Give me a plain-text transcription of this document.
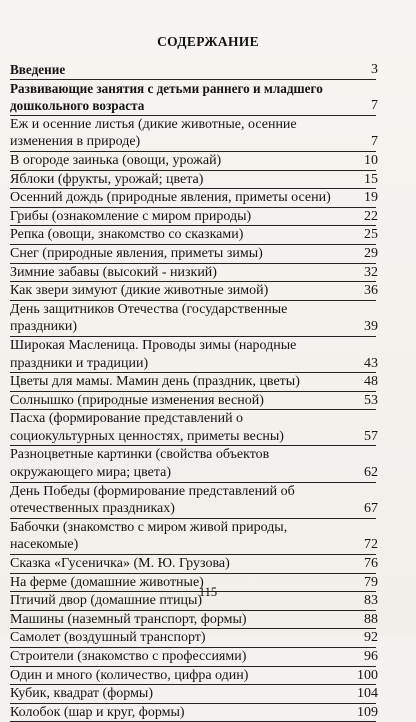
СОДЕРЖАНИЕ
Введение	3
Развивающие занятия с детьми раннего и младшего дошкольного возраста	7
Еж и осенние листья (дикие животные, осенние изменения в природе)	7
В огороде заинька (овощи, урожай)	10
Яблоки (фрукты, урожай; цвета)	15
Осенний дождь (природные явления, приметы осени)	19
Грибы (ознакомление с миром природы)	22
Репка (овощи, знакомство со сказками)	25
Снег (природные явления, приметы зимы)	29
Зимние забавы (высокий - низкий)	32
Как звери зимуют (дикие животные зимой)	36
День защитников Отечества (государственные праздники)	39
Широкая Масленица. Проводы зимы (народные праздники и традиции)	43
Цветы для мамы. Мамин день (праздник, цветы)	48
Солнышко (природные изменения весной)	53
Пасха (формирование представлений о социокультурных ценностях, приметы весны)	57
Разноцветные картинки (свойства объектов окружающего мира; цвета)	62
День Победы (формирование представлений об отечественных праздниках)	67
Бабочки (знакомство с миром живой природы, насекомые)	72
Сказка «Гусеничка» (М. Ю. Грузова)	76
На ферме (домашние животные)	79
Птичий двор (домашние птицы)	83
Машины (наземный транспорт, формы)	88
Самолет (воздушный транспорт)	92
Строители (знакомство с профессиями)	96
Один и много (количество, цифра один)	100
Кубик, квадрат (формы)	104
Колобок (шар и круг, формы)	109
115
